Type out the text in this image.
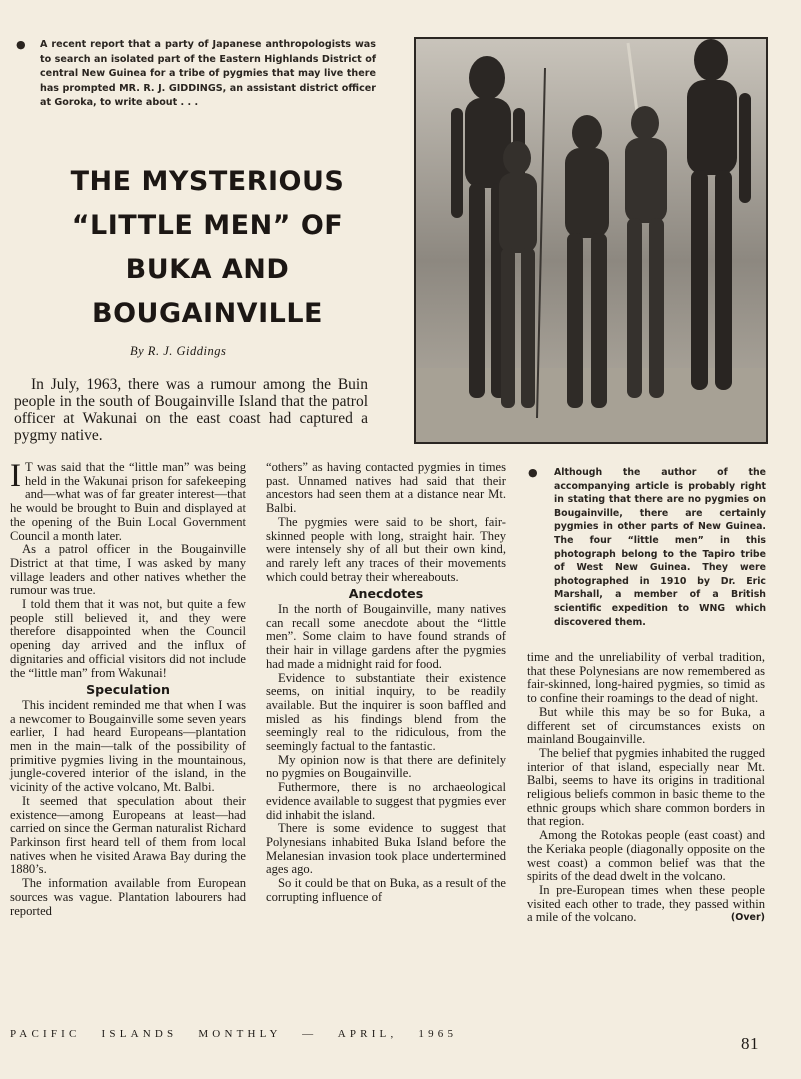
● A recent report that a party of Japanese anthropologists was to search an isolated part of the Eastern Highlands District of central New Guinea for a tribe of pygmies that may live there has prompted MR. R. J. GIDDINGS, an assistant district officer at Goroka, to write about . . .
THE MYSTERIOUS
“LITTLE MEN” OF
BUKA AND
BOUGAINVILLE
By R. J. Giddings
In July, 1963, there was a rumour among the Buin people in the south of Bougainville Island that the patrol officer at Wakunai on the east coast had captured a pygmy native.

I T was said that the “little man” was being held in the Wakunai prison for safekeeping and—what was of far greater interest—that he would be brought to Buin and displayed at the opening of the Buin Local Government Council a month later.

As a patrol officer in the Bougainville District at that time, I was asked by many village leaders and other natives whether the rumour was true.

I told them that it was not, but quite a few people still believed it, and they were therefore disappointed when the Council opening day arrived and the influx of dignitaries and official visitors did not include the “little man” from Wakunai!

Speculation

This incident reminded me that when I was a newcomer to Bougainville some seven years earlier, I had heard Europeans—plantation men in the main—talk of the possibility of primitive pygmies living in the mountainous, jungle-covered interior of the island, in the vicinity of the active volcano, Mt. Balbi.

It seemed that speculation about their existence—among Europeans at least—had carried on since the German naturalist Richard Parkinson first heard tell of them from local natives when he visited Arawa Bay during the 1880’s.

The information available from European sources was vague. Plantation labourers had reported

“others” as having contacted pygmies in times past. Unnamed natives had said that their ancestors had seen them at a distance near Mt. Balbi.

The pygmies were said to be short, fair-skinned people with long, straight hair. They were intensely shy of all but their own kind, and rarely left any traces of their movements which could betray their whereabouts.

Anecdotes

In the north of Bougainville, many natives can recall some anecdote about the “little men”. Some claim to have found strands of their hair in village gardens after the pygmies had made a midnight raid for food.

Evidence to substantiate their existence seems, on initial inquiry, to be readily available. But the inquirer is soon baffled and misled as his findings blend from the seemingly real to the ridiculous, from the seemingly factual to the fantastic.

My opinion now is that there are definitely no pygmies on Bougainville.

Futhermore, there is no archaeological evidence available to suggest that pygmies ever did inhabit the island.

There is some evidence to suggest that Polynesians inhabited Buka Island before the Melanesian invasion took place undertermined ages ago.

So it could be that on Buka, as a result of the corrupting influence of

● Although the author of the accompanying article is probably right in stating that there are no pygmies on Bougainville, there are certainly pygmies in other parts of New Guinea. The four “little men” in this photograph belong to the Tapiro tribe of West New Guinea. They were photographed in 1910 by Dr. Eric Marshall, a member of a British scientific expedition to WNG which discovered them.

time and the unreliability of verbal tradition, that these Polynesians are now remembered as fair-skinned, long-haired pygmies, so timid as to confine their roamings to the dead of night.

But while this may be so for Buka, a different set of circumstances exists on mainland Bougainville.

The belief that pygmies inhabited the rugged interior of that island, especially near Mt. Balbi, seems to have its origins in traditional religious beliefs common in basic theme to the ethnic groups which share common borders in that region.

Among the Rotokas people (east coast) and the Keriaka people (diagonally opposite on the west coast) a common belief was that the spirits of the dead dwelt in the volcano.

In pre-European times when these people visited each other to trade, they passed within a mile of the volcano.	(Over)

PACIFIC ISLANDS MONTHLY — APRIL, 1965	81
